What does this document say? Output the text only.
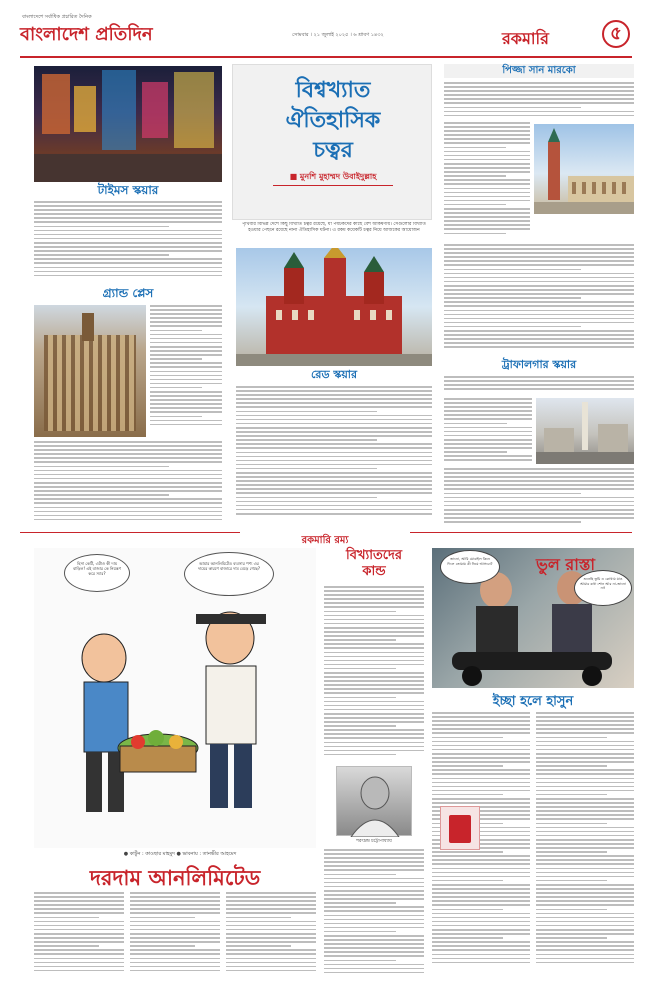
বাংলাদেশে সর্বাধিক প্রচারিত দৈনিক
বাংলাদেশ প্রতিদিন	সোমবার । ২১ জুলাই ২০২৫ । ৬ শ্রাবণ ১৪৩২	রকমারি	৫
টাইমস স্কয়ার
গ্র্যান্ড প্লেস
বিশ্বখ্যাত
ঐতিহাসিক
চত্বর
■ মুনশি মুহাম্মদ উবাইদুল্লাহ
পৃথিবীর বিভিন্ন দেশে কিছু বিখ্যাত চত্বর রয়েছে, যা পর্যটকদের কাছে বেশ আকর্ষণীয়। সেগুলোর বিখ্যাত হওয়ার পেছনে রয়েছে নানা ঐতিহাসিক ঘটনা। এ রকম কয়েকটি চত্বর নিয়ে আজকের আয়োজন
রেড স্কয়ার
পিজ্জা সান মারকো
ট্রাফালগার স্কয়ার
রকমারি রম্য
হিসা কেটি, এটাও কী দাম বাড়িল! এই বাজার কে নিয়ন্ত্রণ করে স্যার?
আমার আনলিমিটেড ব্যবসার পণ্য এর দামের কারণে বাজারে দাম বেড়ে গেছে?
● কার্টুন : কাওছার মাহমুদ ● ভাবনায় : তানভীর আহমেদ
দরদাম আনলিমিটেড
বিখ্যাতদের
কান্ড
শরৎচন্দ্র চট্টোপাধ্যায়
ভুল রাস্তা
জানো, আমি মোবাইল কিনে দিলে তোমায় কী নিয়ে আসবো?
শুনেছি তুমি ও কোথায় যাও আমার কথা শোন আর না-জানো না!
ইচ্ছা হলে হাসুন
